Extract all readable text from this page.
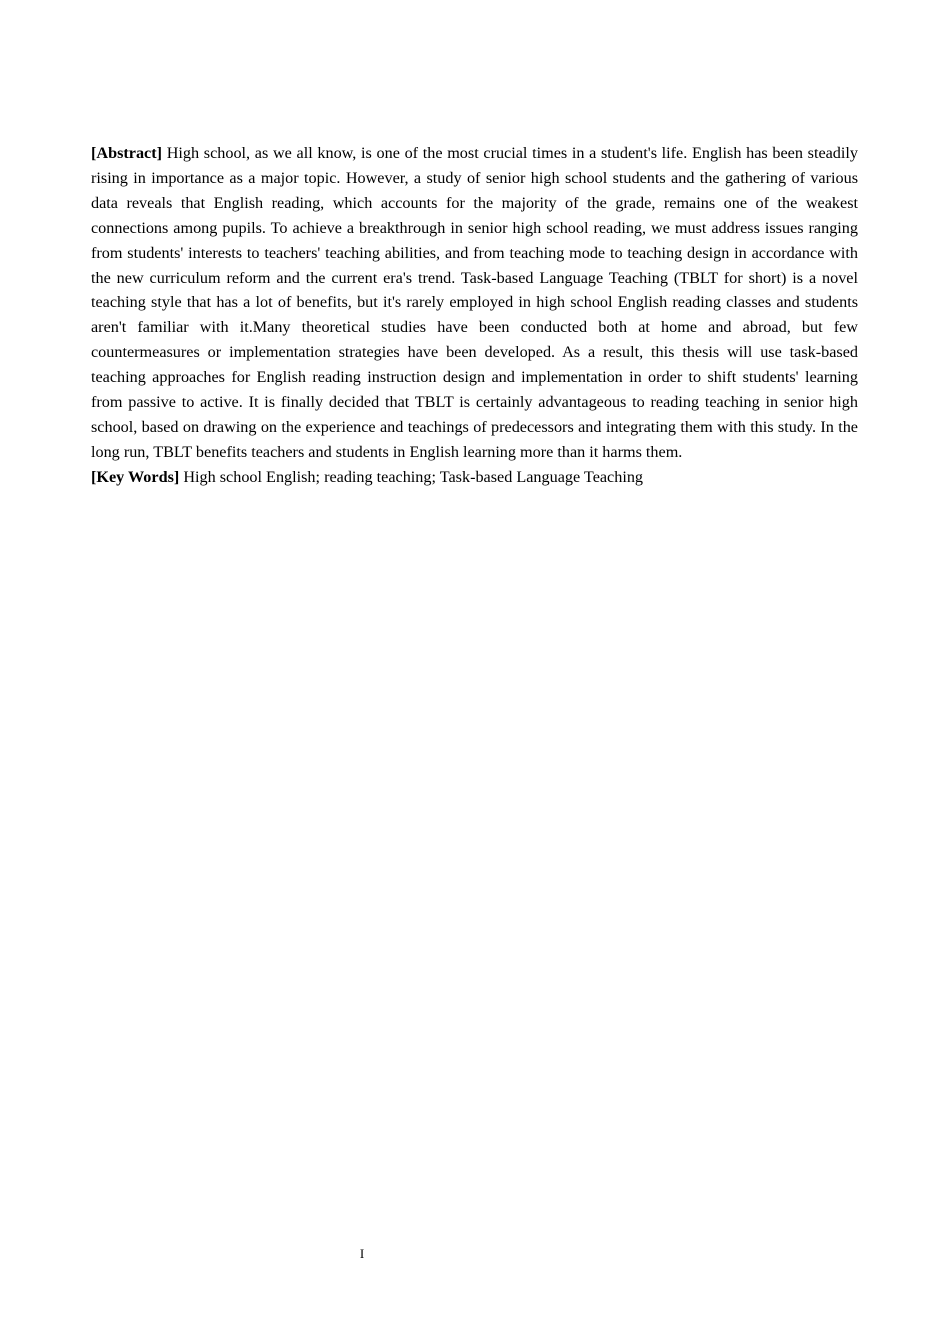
[Abstract] High school, as we all know, is one of the most crucial times in a student's life. English has been steadily rising in importance as a major topic. However, a study of senior high school students and the gathering of various data reveals that English reading, which accounts for the majority of the grade, remains one of the weakest connections among pupils. To achieve a breakthrough in senior high school reading, we must address issues ranging from students' interests to teachers' teaching abilities, and from teaching mode to teaching design in accordance with the new curriculum reform and the current era's trend. Task-based Language Teaching (TBLT for short) is a novel teaching style that has a lot of benefits, but it's rarely employed in high school English reading classes and students aren't familiar with it.Many theoretical studies have been conducted both at home and abroad, but few countermeasures or implementation strategies have been developed. As a result, this thesis will use task-based teaching approaches for English reading instruction design and implementation in order to shift students' learning from passive to active. It is finally decided that TBLT is certainly advantageous to reading teaching in senior high school, based on drawing on the experience and teachings of predecessors and integrating them with this study. In the long run, TBLT benefits teachers and students in English learning more than it harms them.

[Key Words] High school English; reading teaching; Task-based Language Teaching

I
